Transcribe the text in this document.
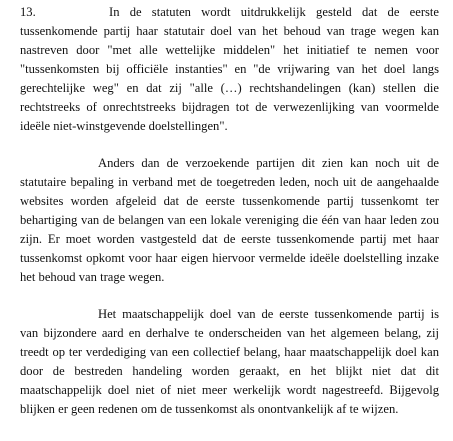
13.	In de statuten wordt uitdrukkelijk gesteld dat de eerste
tussenkomende partij haar statutair doel van het behoud van trage wegen kan
nastreven door "met alle wettelijke middelen" het initiatief te nemen voor
"tussenkomsten bij officiële instanties" en "de vrijwaring van het doel langs
gerechtelijke weg" en dat zij "alle (…) rechtshandelingen (kan) stellen die
rechtstreeks of onrechtstreeks bijdragen tot de verwezenlijking van voormelde
ideële niet-winstgevende doelstellingen".
Anders dan de verzoekende partijen dit zien kan noch uit de
statutaire bepaling in verband met de toegetreden leden, noch uit de aangehaalde
websites worden afgeleid dat de eerste tussenkomende partij tussenkomt ter
behartiging van de belangen van een lokale vereniging die één van haar leden zou
zijn. Er moet worden vastgesteld dat de eerste tussenkomende partij met haar
tussenkomst opkomt voor haar eigen hiervoor vermelde ideële doelstelling inzake
het behoud van trage wegen.
Het maatschappelijk doel van de eerste tussenkomende partij is
van bijzondere aard en derhalve te onderscheiden van het algemeen belang, zij
treedt op ter verdediging van een collectief belang, haar maatschappelijk doel kan
door de bestreden handeling worden geraakt, en het blijkt niet dat dit
maatschappelijk doel niet of niet meer werkelijk wordt nagestreefd. Bijgevolg
blijken er geen redenen om de tussenkomst als onontvankelijk af te wijzen.
